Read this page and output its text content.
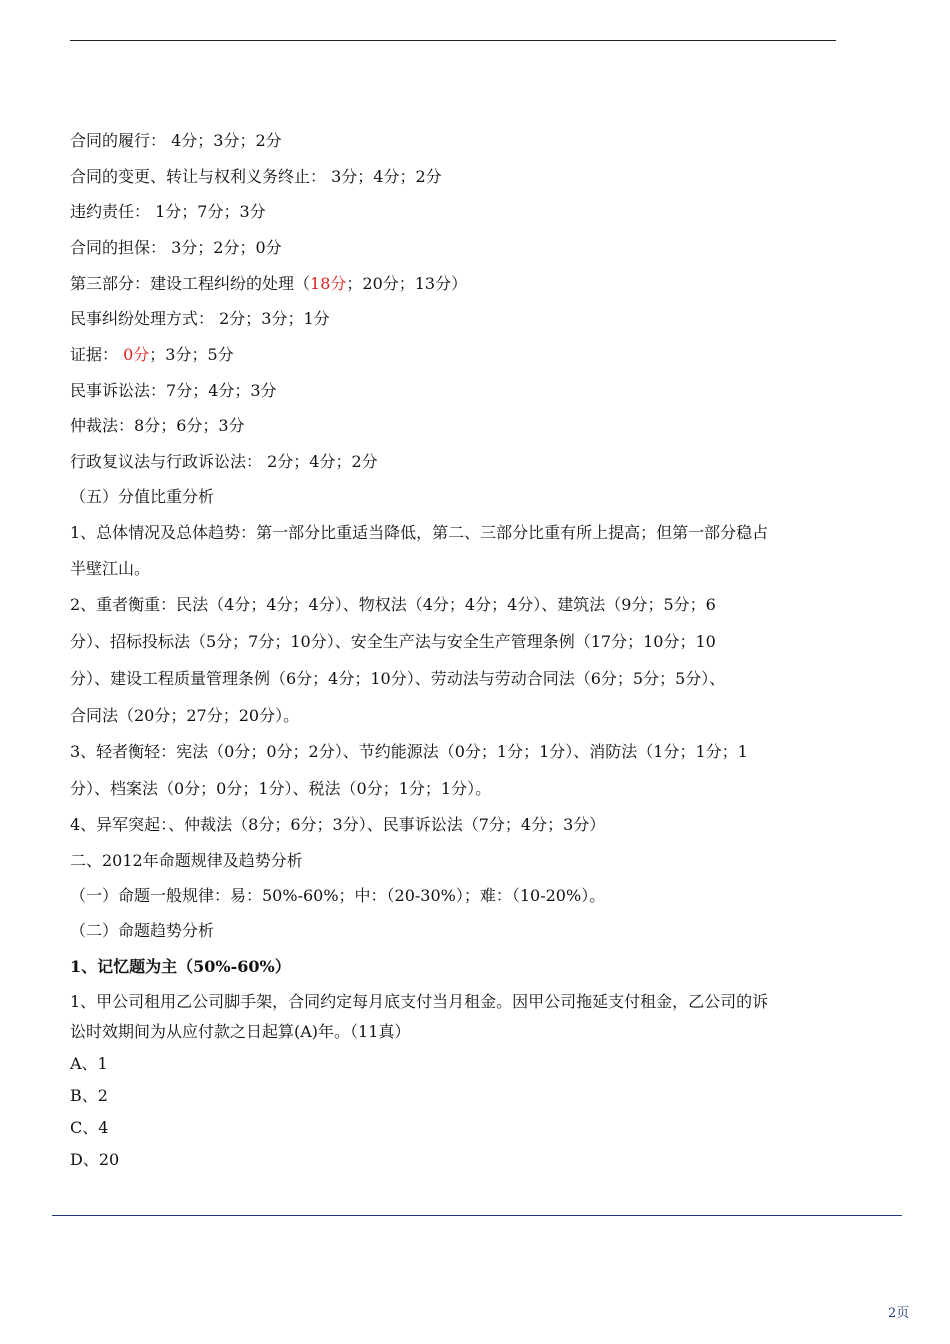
合同的履行： 4分；3分；2分
合同的变更、转让与权利义务终止： 3分；4分；2分
违约责任： 1分；7分；3分
合同的担保： 3分；2分；0分
第三部分：建设工程纠纷的处理（18分；20分；13分）
民事纠纷处理方式： 2分；3分；1分
证据： 0分；3分；5分
民事诉讼法：7分；4分；3分
仲裁法：8分；6分；3分
行政复议法与行政诉讼法： 2分；4分；2分
（五）分值比重分析
1、总体情况及总体趋势：第一部分比重适当降低，第二、三部分比重有所上提高；但第一部分稳占
半壁江山。
2、重者衡重：民法（4分；4分；4分）、物权法（4分；4分；4分）、建筑法（9分；5分；6
分）、招标投标法（5分；7分；10分）、安全生产法与安全生产管理条例（17分；10分；10
分）、建设工程质量管理条例（6分；4分；10分）、劳动法与劳动合同法（6分；5分；5分）、
合同法（20分；27分；20分）。
3、轻者衡轻：宪法（0分；0分；2分）、节约能源法（0分；1分；1分）、消防法（1分；1分；1
分）、档案法（0分；0分；1分）、税法（0分；1分；1分）。
4、异军突起：、仲裁法（8分；6分；3分）、民事诉讼法（7分；4分；3分）
二、2012年命题规律及趋势分析
（一）命题一般规律：易：50%-60%；中：（20-30%）；难：（10-20%）。
（二）命题趋势分析
1、记忆题为主（50%-60%）
1、甲公司租用乙公司脚手架，合同约定每月底支付当月租金。因甲公司拖延支付租金，乙公司的诉
讼时效期间为从应付款之日起算(A)年。（11真）
A、1
B、2
C、4
D、20
2页
